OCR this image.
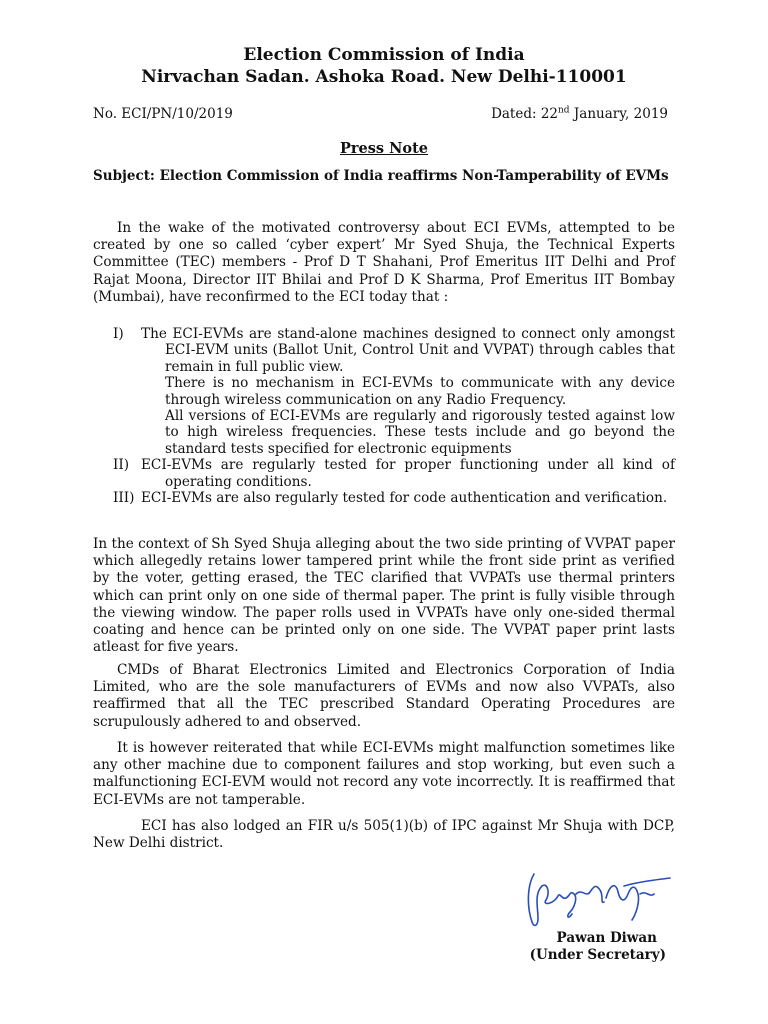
Election Commission of India
Nirvachan Sadan. Ashoka Road. New Delhi-110001
No. ECI/PN/10/2019	Dated: 22nd January, 2019
Press Note
Subject: Election Commission of India reaffirms Non-Tamperability of EVMs

In the wake of the motivated controversy about ECI EVMs, attempted to be created by one so called ‘cyber expert’ Mr Syed Shuja, the Technical Experts Committee (TEC) members - Prof D T Shahani, Prof Emeritus IIT Delhi and Prof Rajat Moona, Director IIT Bhilai and Prof D K Sharma, Prof Emeritus IIT Bombay (Mumbai), have reconfirmed to the ECI today that :

I)	The ECI-EVMs are stand-alone machines designed to connect only amongst ECI-EVM units (Ballot Unit, Control Unit and VVPAT) through cables that remain in full public view.

There is no mechanism in ECI-EVMs to communicate with any device through wireless communication on any Radio Frequency.

All versions of ECI-EVMs are regularly and rigorously tested against low to high wireless frequencies. These tests include and go beyond the standard tests specified for electronic equipments

II) ECI-EVMs are regularly tested for proper functioning under all kind of operating conditions.

III) ECI-EVMs are also regularly tested for code authentication and verification.

In the context of Sh Syed Shuja alleging about the two side printing of VVPAT paper which allegedly retains lower tampered print while the front side print as verified by the voter, getting erased, the TEC clarified that VVPATs use thermal printers which can print only on one side of thermal paper. The print is fully visible through the viewing window. The paper rolls used in VVPATs have only one-sided thermal coating and hence can be printed only on one side. The VVPAT paper print lasts atleast for five years.

CMDs of Bharat Electronics Limited and Electronics Corporation of India Limited, who are the sole manufacturers of EVMs and now also VVPATs, also reaffirmed that all the TEC prescribed Standard Operating Procedures are scrupulously adhered to and observed.

It is however reiterated that while ECI-EVMs might malfunction sometimes like any other machine due to component failures and stop working, but even such a malfunctioning ECI-EVM would not record any vote incorrectly. It is reaffirmed that ECI-EVMs are not tamperable.

ECI has also lodged an FIR u/s 505(1)(b) of IPC against Mr Shuja with DCP, New Delhi district.

Pawan Diwan
(Under Secretary)
